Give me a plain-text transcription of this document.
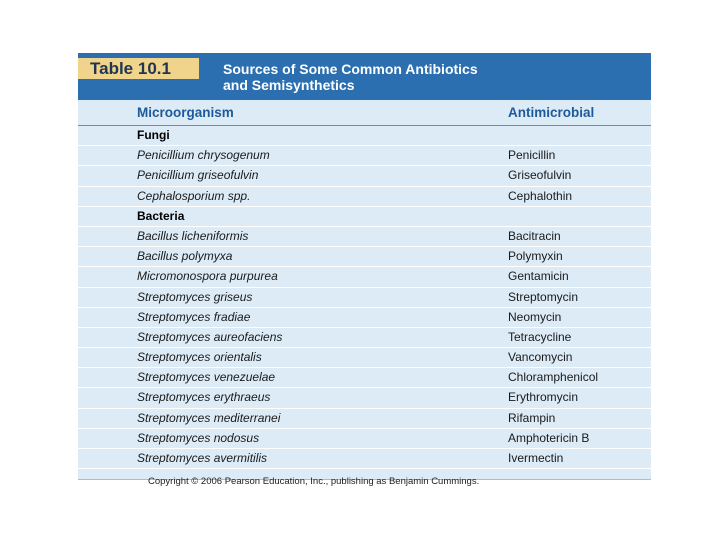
Table 10.1	Sources of Some Common Antibiotics
and Semisynthetics
Microorganism	Antimicrobial
Fungi
Penicillium chrysogenum	Penicillin
Penicillium griseofulvin	Griseofulvin
Cephalosporium spp.	Cephalothin
Bacteria
Bacillus licheniformis	Bacitracin
Bacillus polymyxa	Polymyxin
Micromonospora purpurea	Gentamicin
Streptomyces griseus	Streptomycin
Streptomyces fradiae	Neomycin
Streptomyces aureofaciens	Tetracycline
Streptomyces orientalis	Vancomycin
Streptomyces venezuelae	Chloramphenicol
Streptomyces erythraeus	Erythromycin
Streptomyces mediterranei	Rifampin
Streptomyces nodosus	Amphotericin B
Streptomyces avermitilis	Ivermectin
Copyright © 2006 Pearson Education, Inc., publishing as Benjamin Cummings.
